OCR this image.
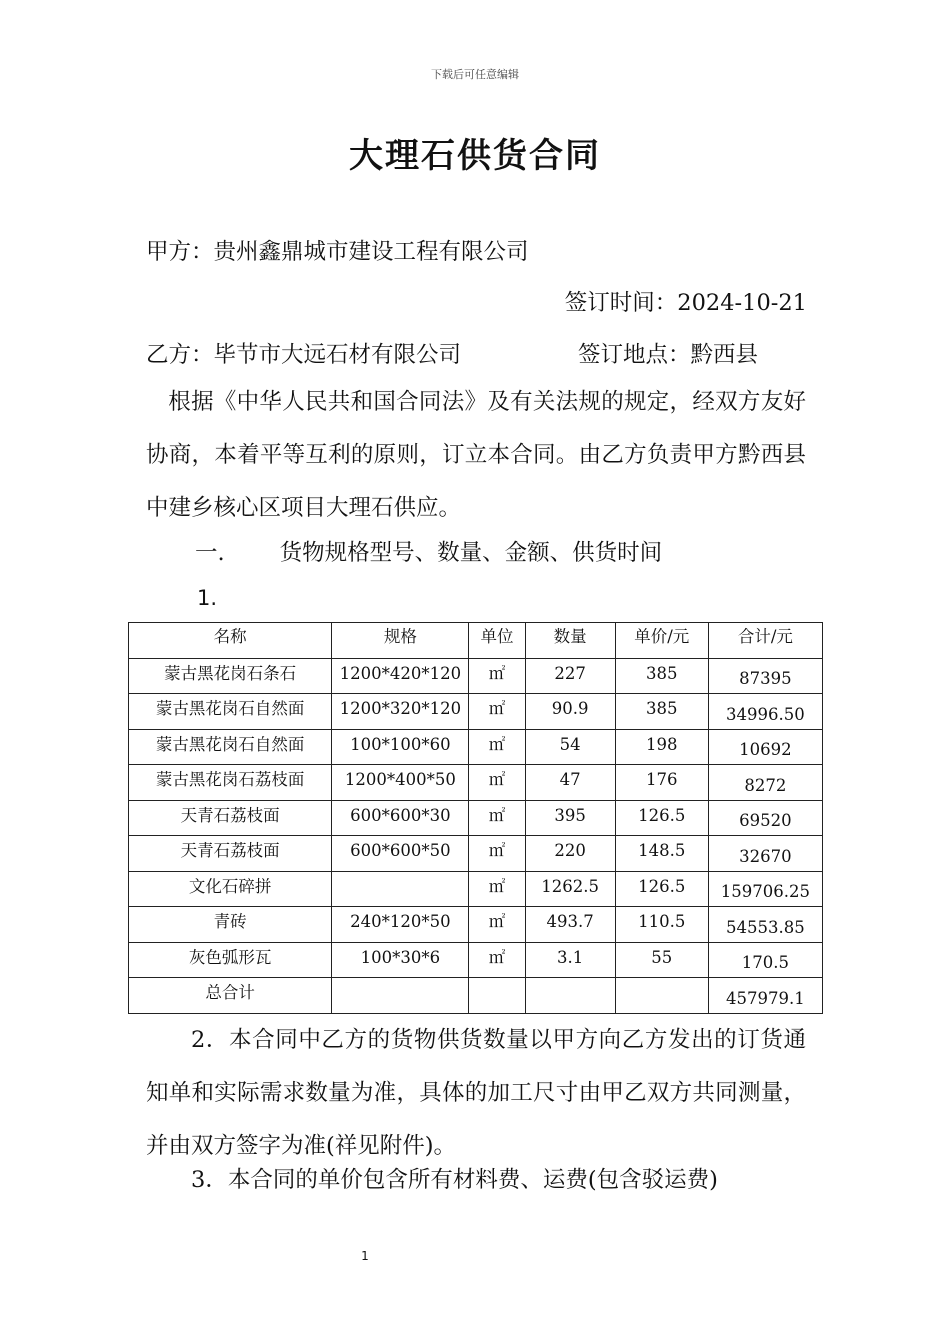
下载后可任意编辑
大理石供货合同
甲方：贵州鑫鼎城市建设工程有限公司
签订时间：2024-10-21
乙方：毕节市大远石材有限公司	签订地点：黔西县
根据《中华人民共和国合同法》及有关法规的规定，经双方友好协商，本着平等互利的原则，订立本合同。由乙方负责甲方黔西县中建乡核心区项目大理石供应。
一. 货物规格型号、数量、金额、供货时间
1.
名称	规格	单位	数量	单价/元	合计/元
蒙古黑花岗石条石	1200*420*120	㎡	227	385	87395
蒙古黑花岗石自然面	1200*320*120	㎡	90.9	385	34996.50
蒙古黑花岗石自然面	100*100*60	㎡	54	198	10692
蒙古黑花岗石荔枝面	1200*400*50	㎡	47	176	8272
天青石荔枝面	600*600*30	㎡	395	126.5	69520
天青石荔枝面	600*600*50	㎡	220	148.5	32670
文化石碎拼		㎡	1262.5	126.5	159706.25
青砖	240*120*50	㎡	493.7	110.5	54553.85
灰色弧形瓦	100*30*6	㎡	3.1	55	170.5
总合计					457979.1
2．本合同中乙方的货物供货数量以甲方向乙方发出的订货通知单和实际需求数量为准，具体的加工尺寸由甲乙双方共同测量，并由双方签字为准(祥见附件)。
3．本合同的单价包含所有材料费、运费(包含驳运费)
1
